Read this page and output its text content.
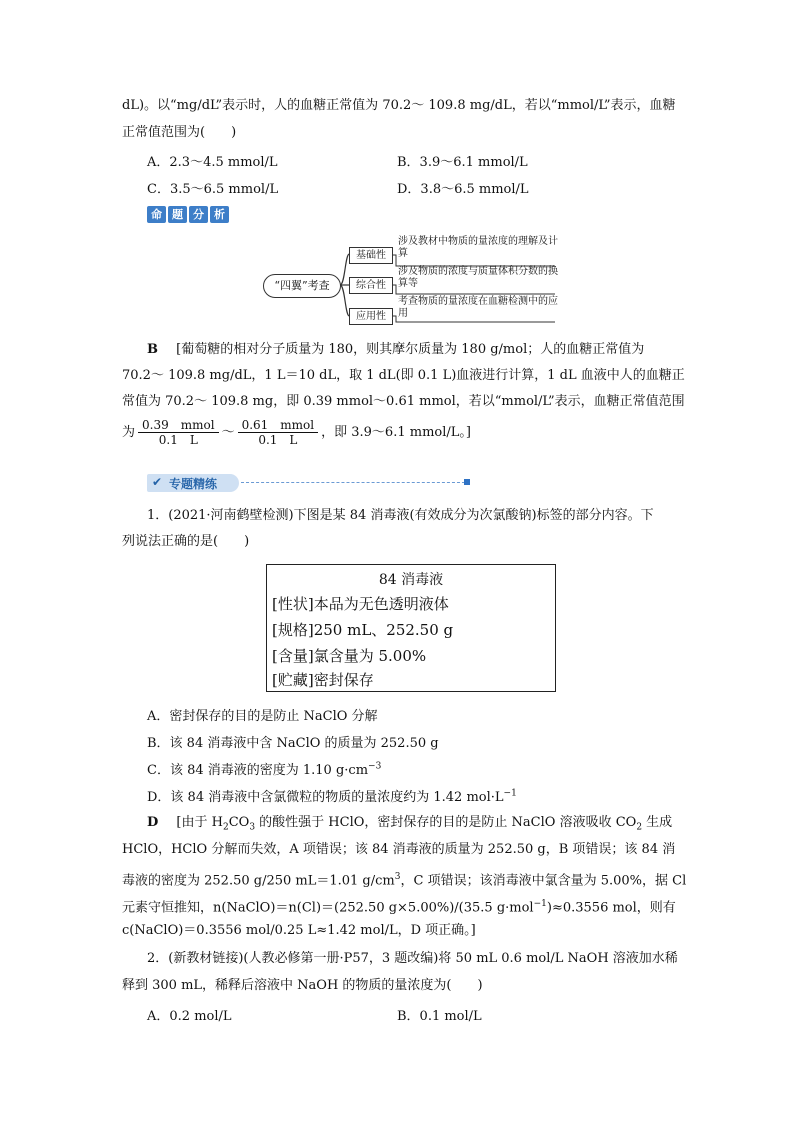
dL)。以“mg/dL”表示时，人的血糖正常值为 70.2～ 109.8 mg/dL，若以“mmol/L”表示，血糖
正常值范围为(　　)
A．2.3～4.5 mmol/L	B．3.9～6.1 mmol/L
C．3.5～6.5 mmol/L	D．3.8～6.5 mmol/L
命 题 分 析
“四翼”考查
基础性
涉及教材中物质的量浓度的理解及计算
综合性
涉及物质的浓度与质量体积分数的换算等
应用性
考查物质的量浓度在血糖检测中的应用
B [葡萄糖的相对分子质量为 180，则其摩尔质量为 180 g/mol；人的血糖正常值为
70.2～ 109.8 mg/dL，1 L＝10 dL，取 1 dL(即 0.1 L)血液进行计算，1 dL 血液中人的血糖正
常值为 70.2～ 109.8 mg，即 0.39 mmol～0.61 mmol，若以“mmol/L”表示，血糖正常值范围
为 $\frac{\text{0.39　mmol}}{0.1 L}$ ～ $\frac{\text{0.61　mmol}}{0.1 L}$ ，即 3.9～6.1 mmol/L。]
✔ 专题精练
1．(2021·河南鹤壁检测)下图是某 84 消毒液(有效成分为次氯酸钠)标签的部分内容。下
列说法正确的是(　　)
84 消毒液
[性状]本品为无色透明液体
[规格]250 mL、252.50 g
[含量]氯含量为 5.00%
[贮藏]密封保存
A．密封保存的目的是防止 NaClO 分解
B．该 84 消毒液中含 NaClO 的质量为 252.50 g
C．该 84 消毒液的密度为 1.10 $g\cdot cm^{-3}$
D．该 84 消毒液中含氯微粒的物质的量浓度约为 1.42 $mol\cdot L^{-1}$
D [由于 $H_2CO_3$ 的酸性强于 HClO，密封保存的目的是防止 NaClO 溶液吸收 $CO_2$ 生成
HClO，HClO 分解而失效，A 项错误；该 84 消毒液的质量为 252.50 g，B 项错误；该 84 消
毒液的密度为 252.50 g/250 mL＝1.01 $g/cm^3$，C 项错误；该消毒液中氯含量为 5.00%，据 Cl
元素守恒推知，n(NaClO)＝n(Cl)＝(252.50 g×5.00%)/(35.5 g·mol$^{-1}$)≈0.3556 mol，则有
c(NaClO)＝0.3556 mol/0.25 L≈1.42 mol/L，D 项正确。]
2．(新教材链接)(人教必修第一册·P57，3 题改编)将 50 mL 0.6 mol/L NaOH 溶液加水稀
释到 300 mL，稀释后溶液中 NaOH 的物质的量浓度为(　　)
A．0.2 mol/L	B．0.1 mol/L
